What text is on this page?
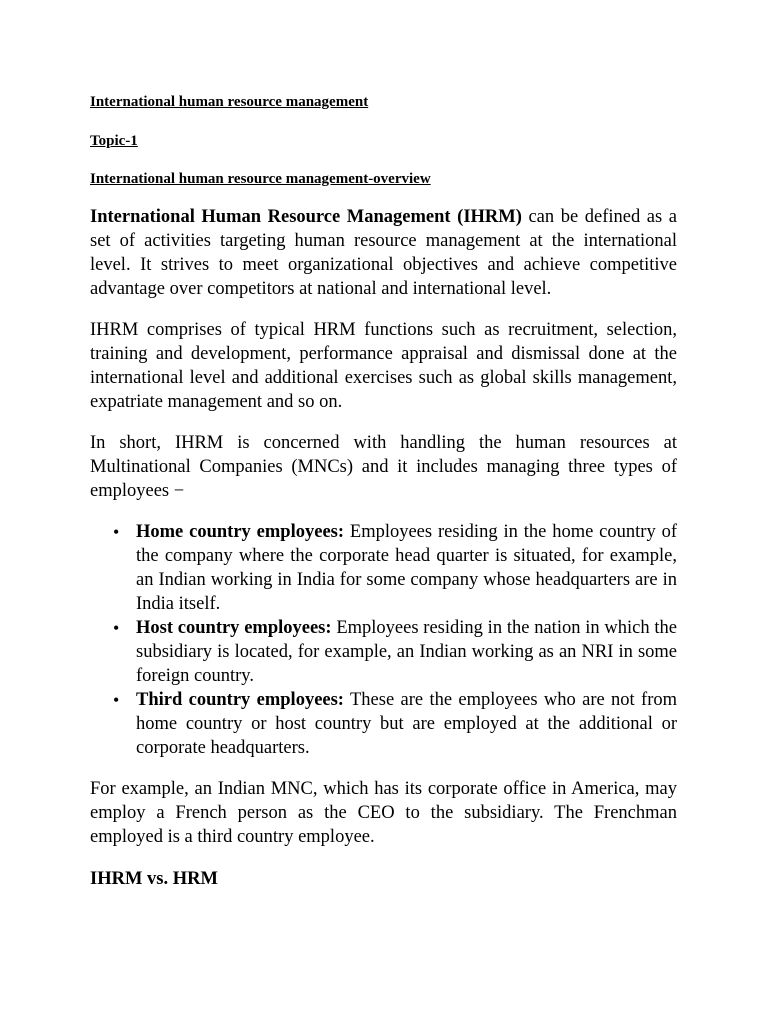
International human resource management

Topic-1

International human resource management-overview

International Human Resource Management (IHRM) can be defined as a set of activities targeting human resource management at the international level. It strives to meet organizational objectives and achieve competitive advantage over competitors at national and international level.

IHRM comprises of typical HRM functions such as recruitment, selection, training and development, performance appraisal and dismissal done at the international level and additional exercises such as global skills management, expatriate management and so on.

In short, IHRM is concerned with handling the human resources at Multinational Companies (MNCs) and it includes managing three types of employees −

• Home country employees: Employees residing in the home country of the company where the corporate head quarter is situated, for example, an Indian working in India for some company whose headquarters are in India itself.
• Host country employees: Employees residing in the nation in which the subsidiary is located, for example, an Indian working as an NRI in some foreign country.
• Third country employees: These are the employees who are not from home country or host country but are employed at the additional or corporate headquarters.

For example, an Indian MNC, which has its corporate office in America, may employ a French person as the CEO to the subsidiary. The Frenchman employed is a third country employee.

IHRM vs. HRM
